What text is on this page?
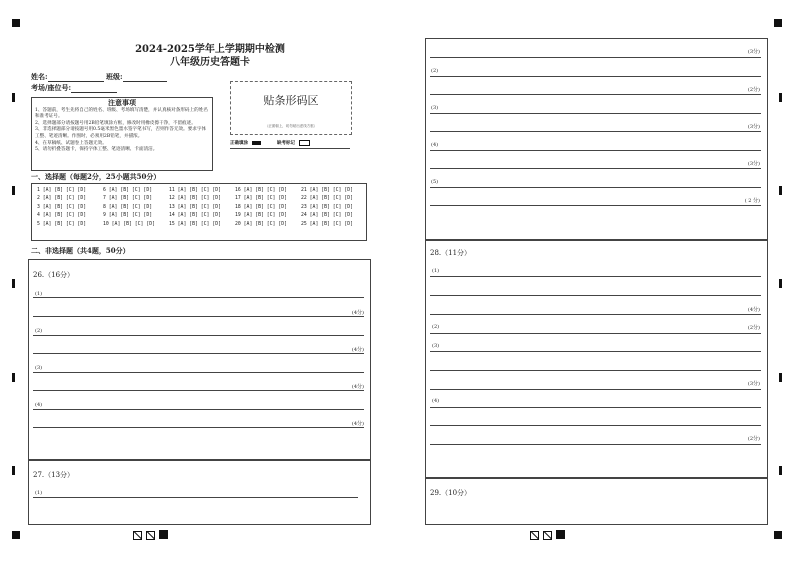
2024-2025学年上学期期中检测
八年级历史答题卡
姓名:	班级:
考场/座位号:
注意事项

1、答题前，考生先将自己的姓名、班级、考场填写清楚，并认真核对条形码上的姓名和准考证号。

2、选择题部分请按题号用2B铅笔填涂方框，修改时用橡皮擦干净，不留痕迹。

3、非选择题部分请按题号用0.5毫米黑色墨水签字笔书写，否则作答无效。要求字体工整、笔迹清晰。作图时，必须用2B铅笔，并描浓。

4、在草稿纸、试题卷上答题无效。

5、请勿折叠答题卡，保持字体工整、笔迹清晰、卡面清洁。

贴条形码区
（正面朝上，切勿贴出虚线方框）
正确填涂	缺考标记
一、选择题（每题2分，25小题共50分）
1 [A] [B] [C] [D]	6 [A] [B] [C] [D]	11 [A] [B] [C] [D]	16 [A] [B] [C] [D]	21 [A] [B] [C] [D]
2 [A] [B] [C] [D]	7 [A] [B] [C] [D]	12 [A] [B] [C] [D]	17 [A] [B] [C] [D]	22 [A] [B] [C] [D]
3 [A] [B] [C] [D]	8 [A] [B] [C] [D]	13 [A] [B] [C] [D]	18 [A] [B] [C] [D]	23 [A] [B] [C] [D]
4 [A] [B] [C] [D]	9 [A] [B] [C] [D]	14 [A] [B] [C] [D]	19 [A] [B] [C] [D]	24 [A] [B] [C] [D]
5 [A] [B] [C] [D]	10 [A] [B] [C] [D]	15 [A] [B] [C] [D]	20 [A] [B] [C] [D]	25 [A] [B] [C] [D]
二、非选择题（共4题，50分）
26.（16分）
(1)
(4分)
(2)
(4分)
(3)
(4分)
(4)
(4分)
27.（13分）
(1)
(3分)
(2)
(2分)
(3)
(3分)
(4)
(3分)
(5)
( 2 分)
28.（11分）
(1)
(4分)
(2)	(2分)
(3)
(3分)
(4)
(2分)
29.（10分）
